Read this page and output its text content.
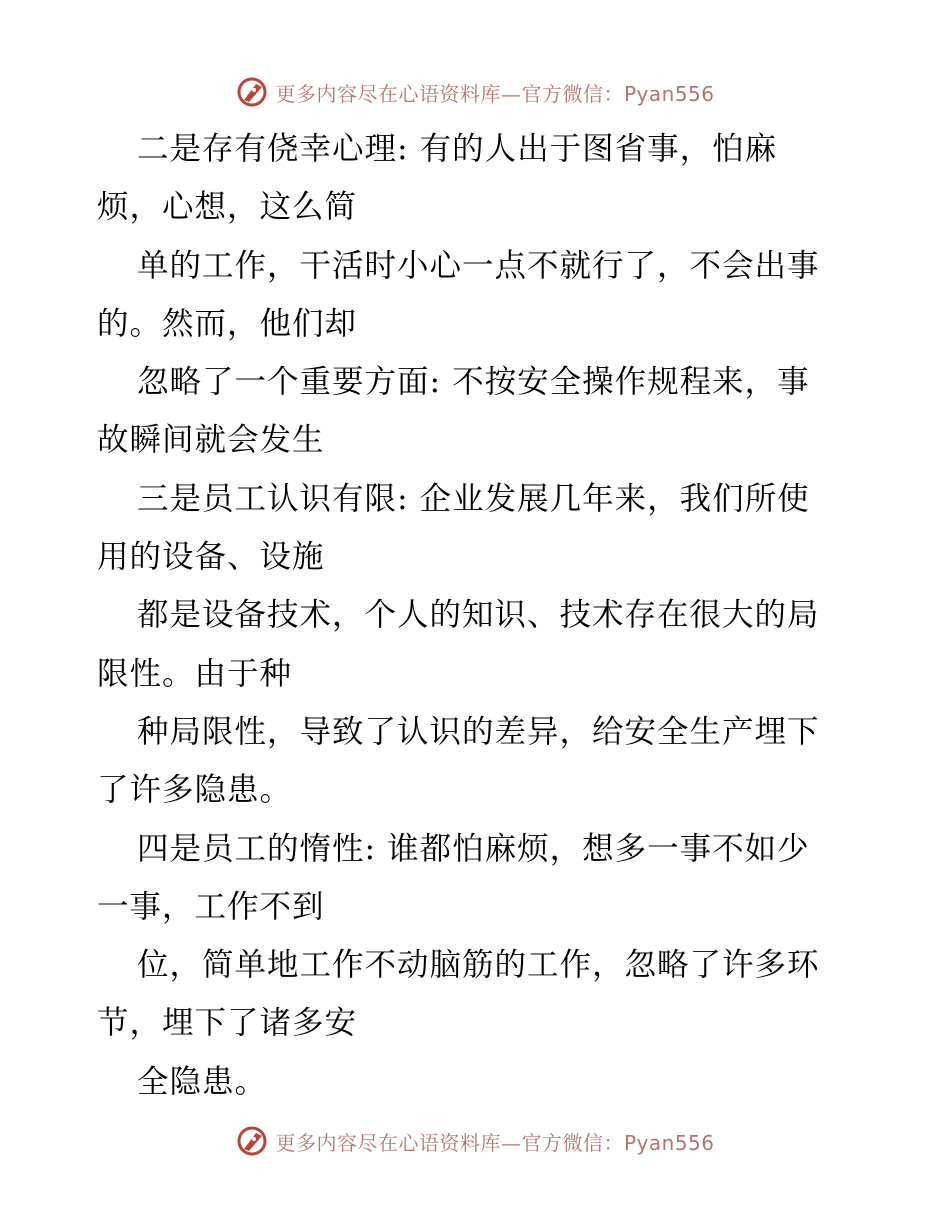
更多内容尽在心语资料库—官方微信：Pyan556
二是存有侥幸心理: 有的人出于图省事，怕麻
烦，心想，这么简
单的工作，干活时小心一点不就行了，不会出事
的。然而，他们却
忽略了一个重要方面: 不按安全操作规程来，事
故瞬间就会发生
三是员工认识有限: 企业发展几年来，我们所使
用的设备、设施
都是设备技术，个人的知识、技术存在很大的局
限性。由于种
种局限性，导致了认识的差异，给安全生产埋下
了许多隐患。
四是员工的惰性: 谁都怕麻烦，想多一事不如少
一事，工作不到
位，简单地工作不动脑筋的工作，忽略了许多环
节，埋下了诸多安
全隐患。
更多内容尽在心语资料库—官方微信：Pyan556
